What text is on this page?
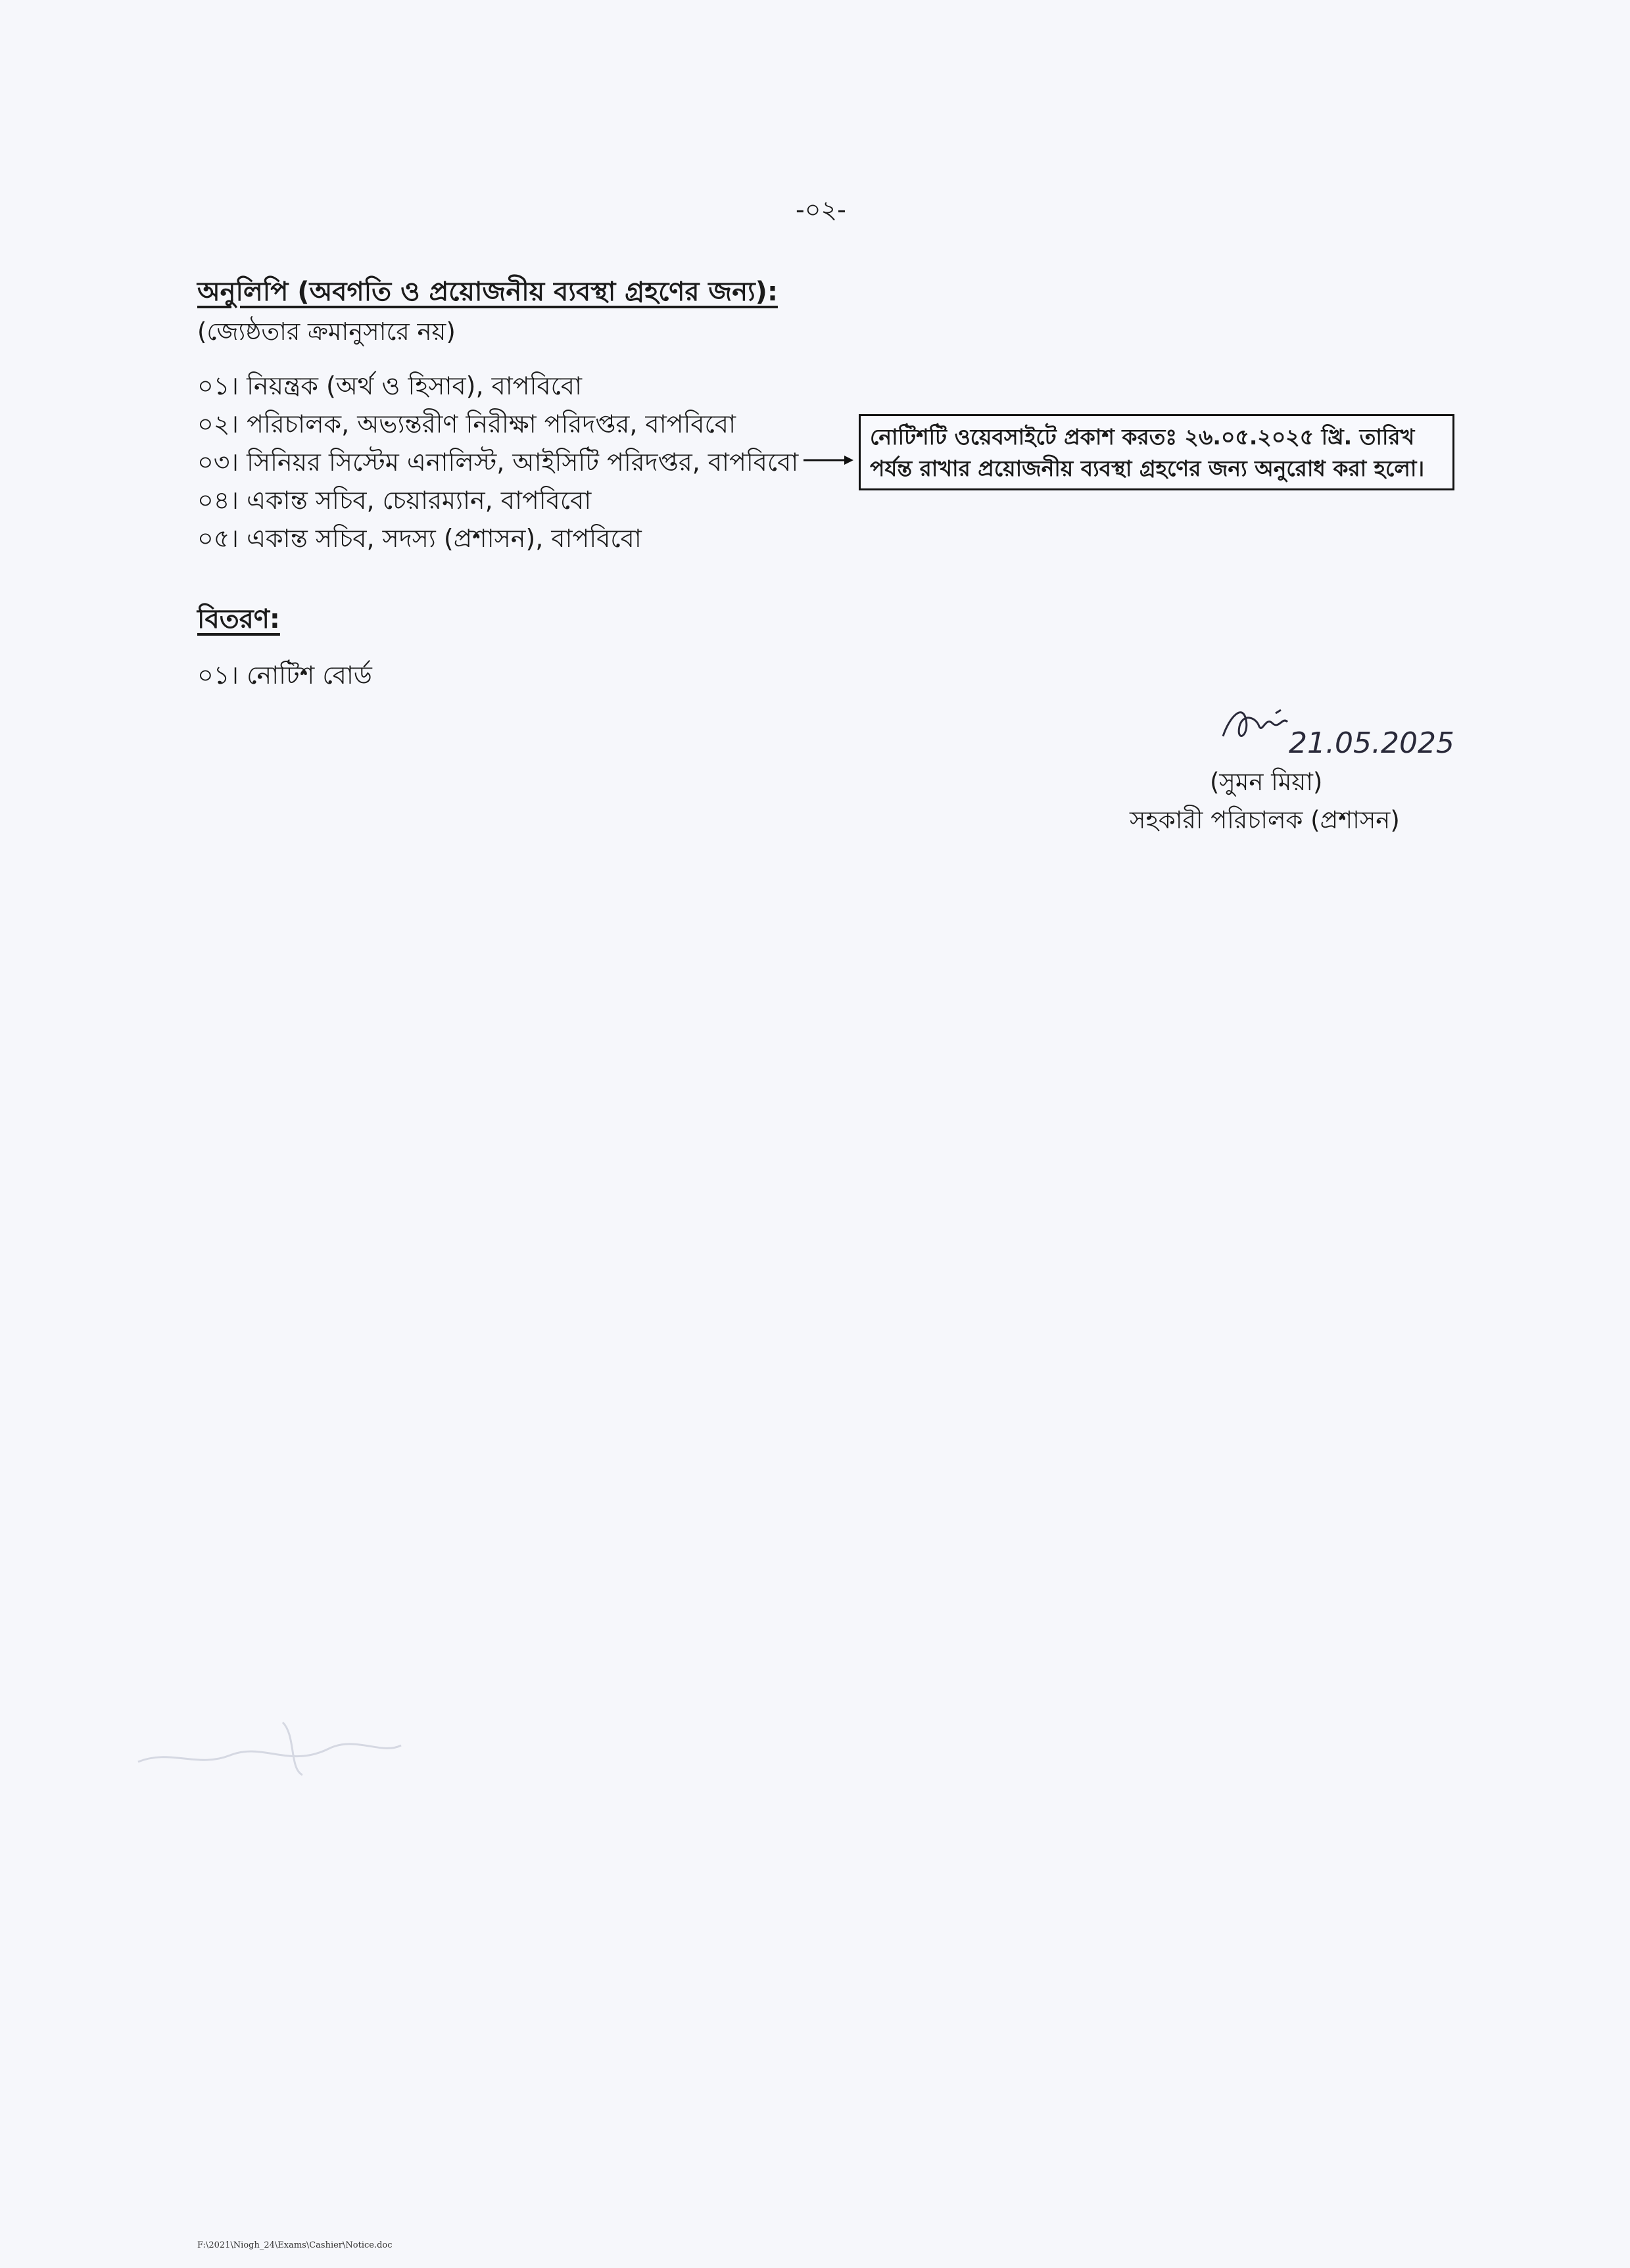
-০২-
অনুলিপি (অবগতি ও প্রয়োজনীয় ব্যবস্থা গ্রহণের জন্য):
(জ্যেষ্ঠতার ক্রমানুসারে নয়)
০১। নিয়ন্ত্রক (অর্থ ও হিসাব), বাপবিবো
০২। পরিচালক, অভ্যন্তরীণ নিরীক্ষা পরিদপ্তর, বাপবিবো
০৩। সিনিয়র সিস্টেম এনালিস্ট, আইসিটি পরিদপ্তর, বাপবিবো
০৪। একান্ত সচিব, চেয়ারম্যান, বাপবিবো
০৫। একান্ত সচিব, সদস্য (প্রশাসন), বাপবিবো
নোটিশটি ওয়েবসাইটে প্রকাশ করতঃ ২৬.০৫.২০২৫ খ্রি. তারিখ পর্যন্ত রাখার প্রয়োজনীয় ব্যবস্থা গ্রহণের জন্য অনুরোধ করা হলো।
বিতরণ:
০১। নোটিশ বোর্ড
21.05.2025
(সুমন মিয়া)
সহকারী পরিচালক (প্রশাসন)
F:\2021\Niogh_24\Exams\Cashier\Notice.doc
